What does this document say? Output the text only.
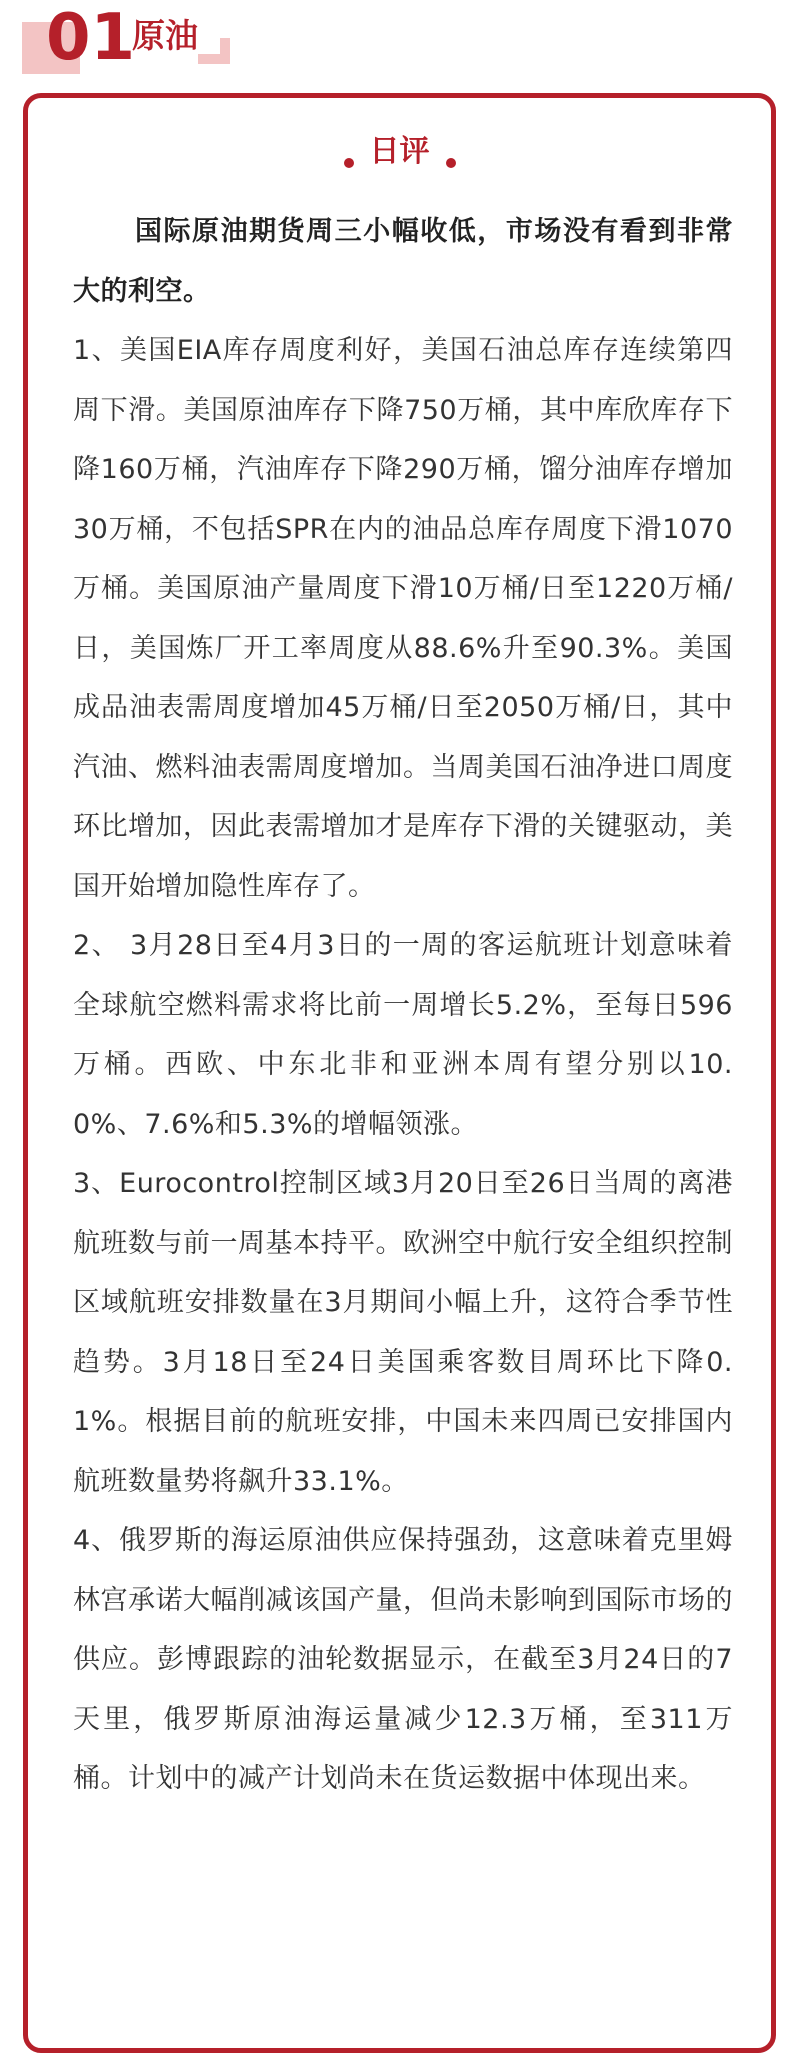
01
原油
日评

国际原油期货周三小幅收低，市场没有看到非常大的利空。

1、美国EIA库存周度利好，美国石油总库存连续第四周下滑。美国原油库存下降750万桶，其中库欣库存下降160万桶，汽油库存下降290万桶，馏分油库存增加30万桶，不包括SPR在内的油品总库存周度下滑1070万桶。美国原油产量周度下滑10万桶/日至1220万桶/日，美国炼厂开工率周度从88.6%升至90.3%。美国成品油表需周度增加45万桶/日至2050万桶/日，其中汽油、燃料油表需周度增加。当周美国石油净进口周度环比增加，因此表需增加才是库存下滑的关键驱动，美国开始增加隐性库存了。

2、 3月28日至4月3日的一周的客运航班计划意味着全球航空燃料需求将比前一周增长5.2%，至每日596万桶。西欧、中东北非和亚洲本周有望分别以10.0%、7.6%和5.3%的增幅领涨。

3、Eurocontrol控制区域3月20日至26日当周的离港航班数与前一周基本持平。欧洲空中航行安全组织控制区域航班安排数量在3月期间小幅上升，这符合季节性趋势。3月18日至24日美国乘客数目周环比下降0.1%。根据目前的航班安排，中国未来四周已安排国内航班数量势将飙升33.1%。

4、俄罗斯的海运原油供应保持强劲，这意味着克里姆林宫承诺大幅削减该国产量，但尚未影响到国际市场的供应。彭博跟踪的油轮数据显示，在截至3月24日的7天里，俄罗斯原油海运量减少12.3万桶，至311万桶。计划中的减产计划尚未在货运数据中体现出来。
